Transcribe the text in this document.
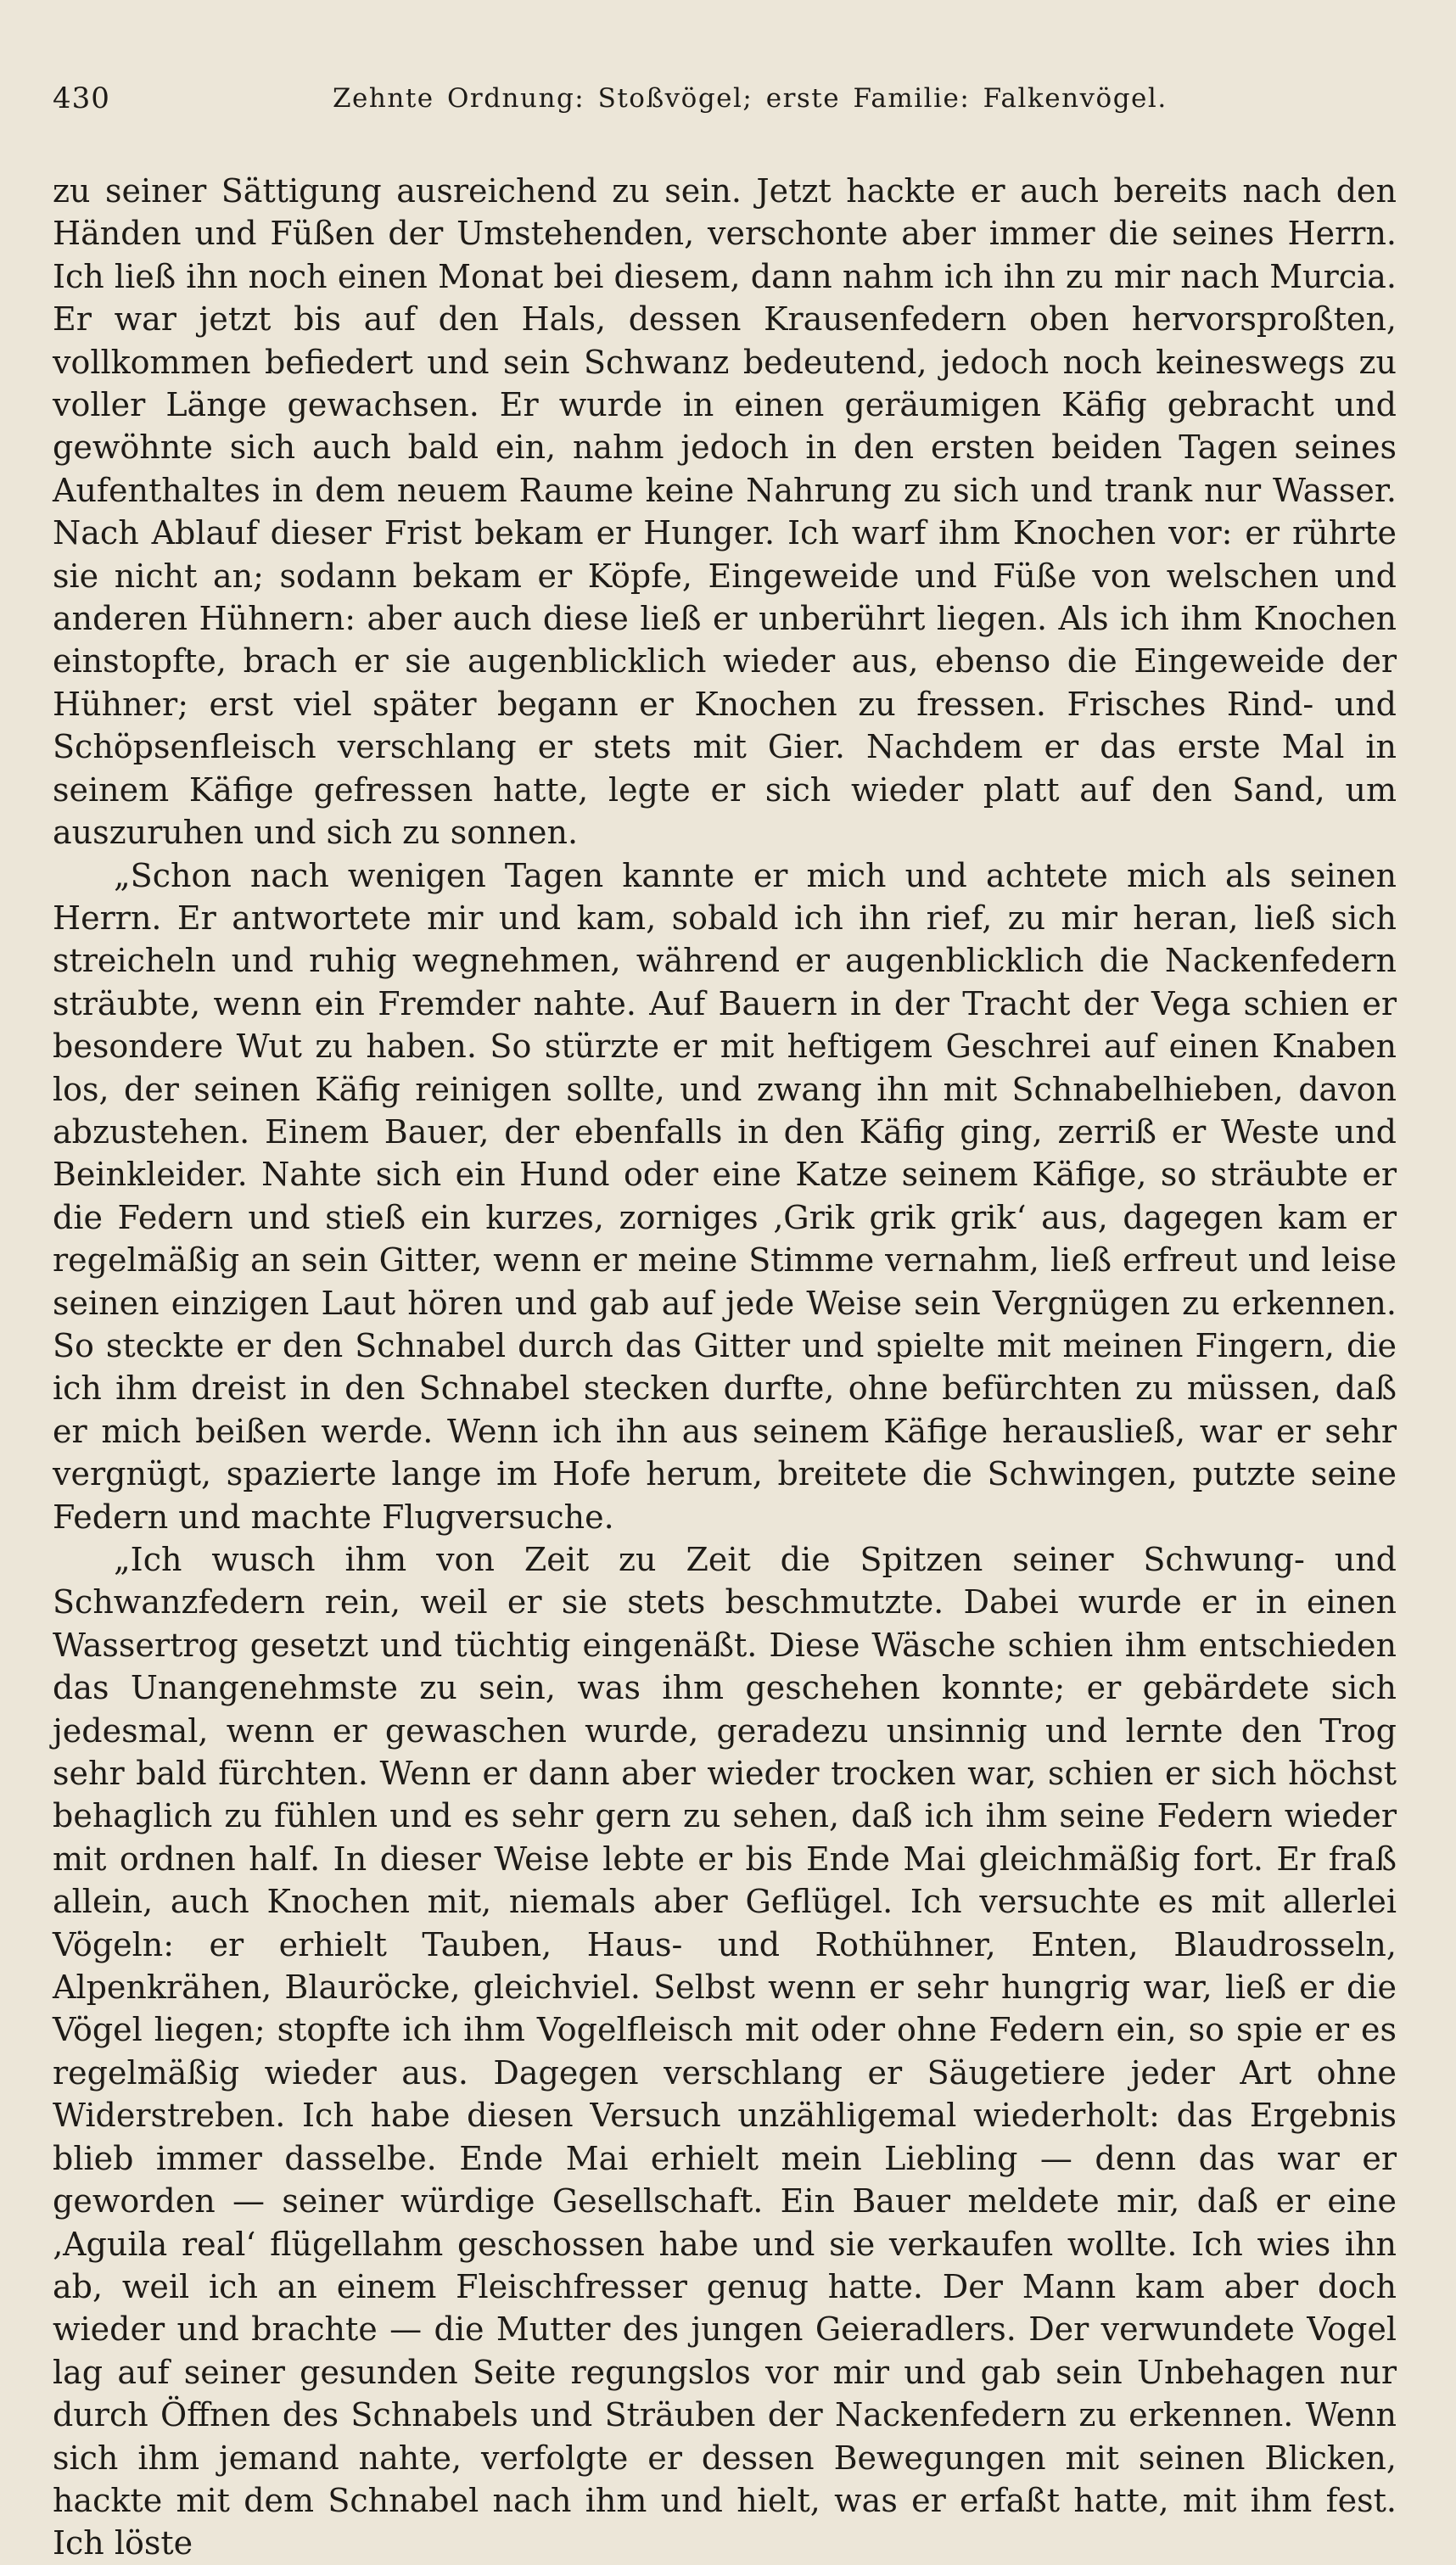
430	Zehnte Ordnung: Stoßvögel; erste Familie: Falkenvögel.

zu seiner Sättigung ausreichend zu sein. Jetzt hackte er auch bereits nach den Händen und Füßen der Umstehenden, verschonte aber immer die seines Herrn. Ich ließ ihn noch einen Monat bei diesem, dann nahm ich ihn zu mir nach Murcia. Er war jetzt bis auf den Hals, dessen Krausenfedern oben hervorsproßten, vollkommen befiedert und sein Schwanz bedeutend, jedoch noch keineswegs zu voller Länge gewachsen. Er wurde in einen geräumigen Käfig gebracht und gewöhnte sich auch bald ein, nahm jedoch in den ersten beiden Tagen seines Aufenthaltes in dem neuem Raume keine Nahrung zu sich und trank nur Wasser. Nach Ablauf dieser Frist bekam er Hunger. Ich warf ihm Knochen vor: er rührte sie nicht an; sodann bekam er Köpfe, Eingeweide und Füße von welschen und anderen Hühnern: aber auch diese ließ er unberührt liegen. Als ich ihm Knochen einstopfte, brach er sie augenblicklich wieder aus, ebenso die Eingeweide der Hühner; erst viel später begann er Knochen zu fressen. Frisches Rind- und Schöpsenfleisch verschlang er stets mit Gier. Nachdem er das erste Mal in seinem Käfige gefressen hatte, legte er sich wieder platt auf den Sand, um auszuruhen und sich zu sonnen.

„Schon nach wenigen Tagen kannte er mich und achtete mich als seinen Herrn. Er antwortete mir und kam, sobald ich ihn rief, zu mir heran, ließ sich streicheln und ruhig wegnehmen, während er augenblicklich die Nackenfedern sträubte, wenn ein Fremder nahte. Auf Bauern in der Tracht der Vega schien er besondere Wut zu haben. So stürzte er mit heftigem Geschrei auf einen Knaben los, der seinen Käfig reinigen sollte, und zwang ihn mit Schnabelhieben, davon abzustehen. Einem Bauer, der ebenfalls in den Käfig ging, zerriß er Weste und Beinkleider. Nahte sich ein Hund oder eine Katze seinem Käfige, so sträubte er die Federn und stieß ein kurzes, zorniges ‚Grik grik grik‘ aus, dagegen kam er regelmäßig an sein Gitter, wenn er meine Stimme vernahm, ließ erfreut und leise seinen einzigen Laut hören und gab auf jede Weise sein Vergnügen zu erkennen. So steckte er den Schnabel durch das Gitter und spielte mit meinen Fingern, die ich ihm dreist in den Schnabel stecken durfte, ohne befürchten zu müssen, daß er mich beißen werde. Wenn ich ihn aus seinem Käfige herausließ, war er sehr vergnügt, spazierte lange im Hofe herum, breitete die Schwingen, putzte seine Federn und machte Flugversuche.

„Ich wusch ihm von Zeit zu Zeit die Spitzen seiner Schwung- und Schwanzfedern rein, weil er sie stets beschmutzte. Dabei wurde er in einen Wassertrog gesetzt und tüchtig eingenäßt. Diese Wäsche schien ihm entschieden das Unangenehmste zu sein, was ihm geschehen konnte; er gebärdete sich jedesmal, wenn er gewaschen wurde, geradezu unsinnig und lernte den Trog sehr bald fürchten. Wenn er dann aber wieder trocken war, schien er sich höchst behaglich zu fühlen und es sehr gern zu sehen, daß ich ihm seine Federn wieder mit ordnen half. In dieser Weise lebte er bis Ende Mai gleichmäßig fort. Er fraß allein, auch Knochen mit, niemals aber Geflügel. Ich versuchte es mit allerlei Vögeln: er erhielt Tauben, Haus- und Rothühner, Enten, Blaudrosseln, Alpenkrähen, Blauröcke, gleichviel. Selbst wenn er sehr hungrig war, ließ er die Vögel liegen; stopfte ich ihm Vogelfleisch mit oder ohne Federn ein, so spie er es regelmäßig wieder aus. Dagegen verschlang er Säugetiere jeder Art ohne Widerstreben. Ich habe diesen Versuch unzähligemal wiederholt: das Ergebnis blieb immer dasselbe. Ende Mai erhielt mein Liebling — denn das war er geworden — seiner würdige Gesellschaft. Ein Bauer meldete mir, daß er eine ‚Aguila real‘ flügellahm geschossen habe und sie verkaufen wollte. Ich wies ihn ab, weil ich an einem Fleischfresser genug hatte. Der Mann kam aber doch wieder und brachte — die Mutter des jungen Geieradlers. Der verwundete Vogel lag auf seiner gesunden Seite regungslos vor mir und gab sein Unbehagen nur durch Öffnen des Schnabels und Sträuben der Nackenfedern zu erkennen. Wenn sich ihm jemand nahte, verfolgte er dessen Bewegungen mit seinen Blicken, hackte mit dem Schnabel nach ihm und hielt, was er erfaßt hatte, mit ihm fest. Ich löste
